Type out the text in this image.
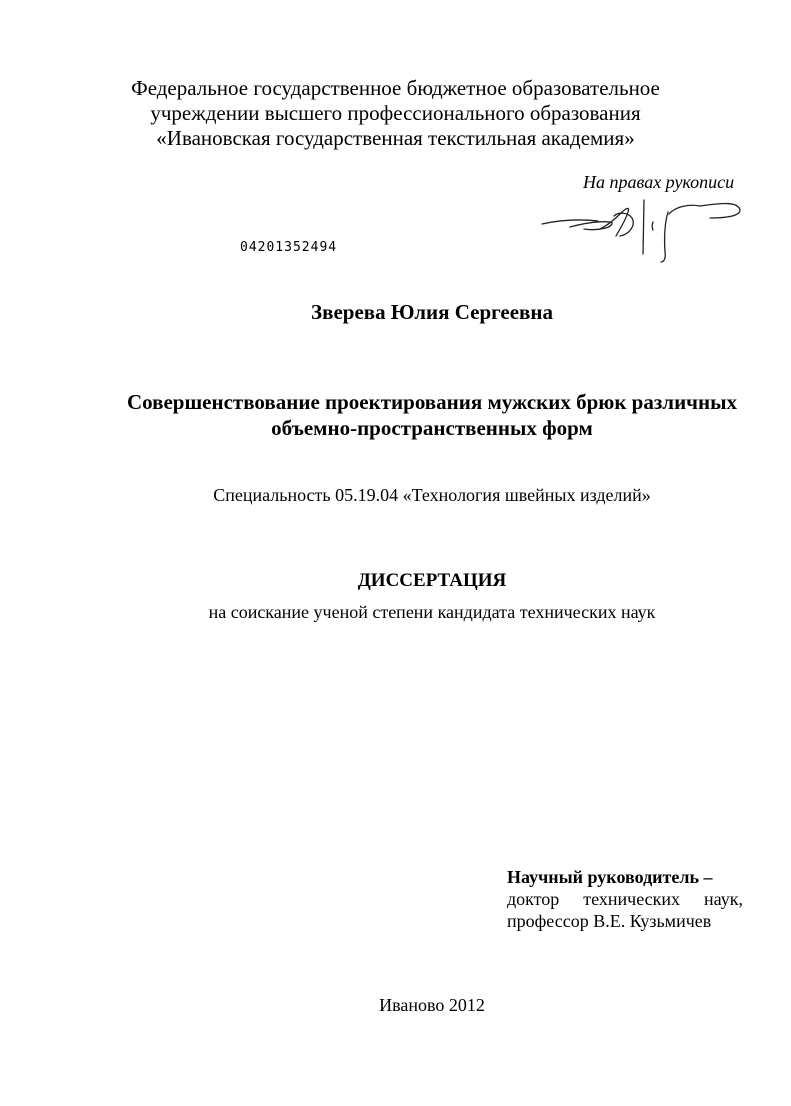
Федеральное государственное бюджетное образовательное
учреждении высшего профессионального образования
«Ивановская государственная текстильная академия»
На правах рукописи
04201352494
Зверева Юлия Сергеевна
Совершенствование проектирования мужских брюк различных
объемно-пространственных форм
Специальность 05.19.04 «Технология швейных изделий»
ДИССЕРТАЦИЯ
на соискание ученой степени кандидата технических наук
Научный руководитель –
доктор технических наук,
профессор В.Е. Кузьмичев
Иваново 2012
